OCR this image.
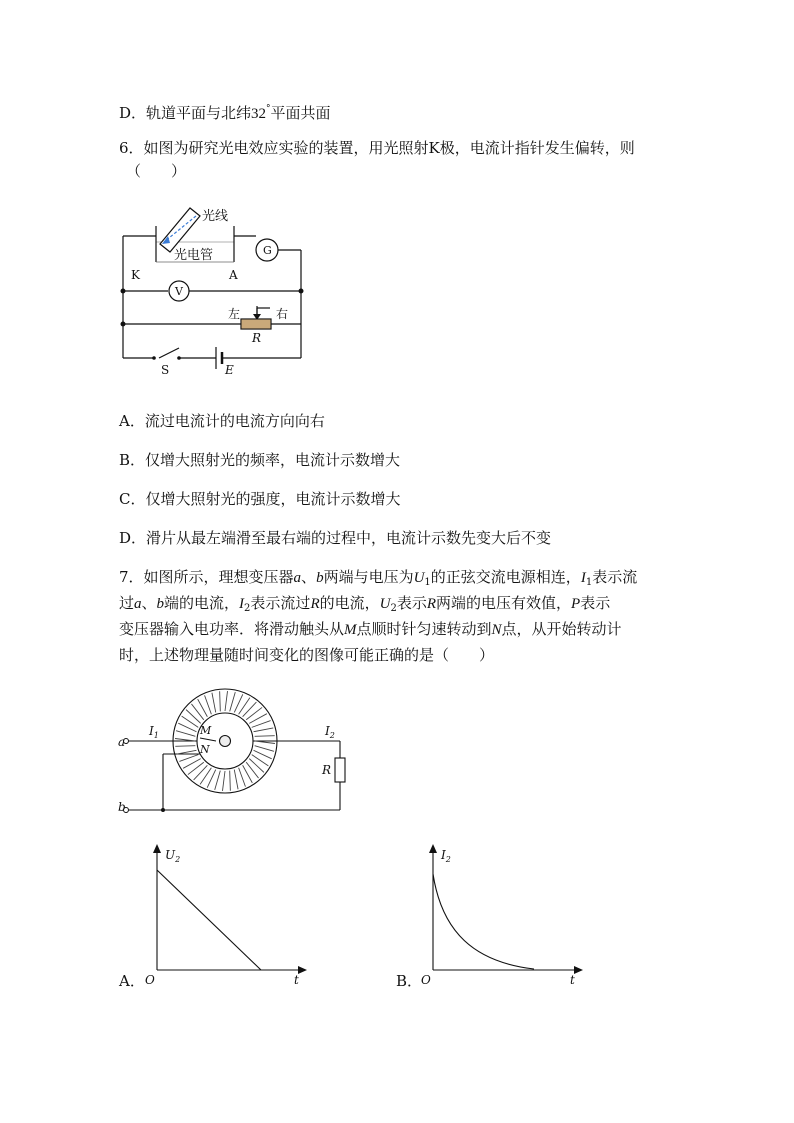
D．轨道平面与北纬32°平面共面
6．如图为研究光电效应实验的装置，用光照射K极，电流计指针发生偏转，则
（　　）
光线
光电管
K	A
G
V
左	右
R
S	E
A．流过电流计的电流方向向右
B．仅增大照射光的频率，电流计示数增大
C．仅增大照射光的强度，电流计示数增大
D．滑片从最左端滑至最右端的过程中，电流计示数先变大后不变
7．如图所示，理想变压器a、b两端与电压为$U_1$的正弦交流电源相连，$I_1$表示流
过a、b端的电流，$I_2$表示流过R的电流，$U_2$表示R两端的电压有效值，P表示
变压器输入电功率．将滑动触头从M点顺时针匀速转动到N点，从开始转动计
时，上述物理量随时间变化的图像可能正确的是（　　）
a
b
$I_1$	$I_2$
M
N
R
$U_2$
O	t
A．
$I_2$
O	t
B．
